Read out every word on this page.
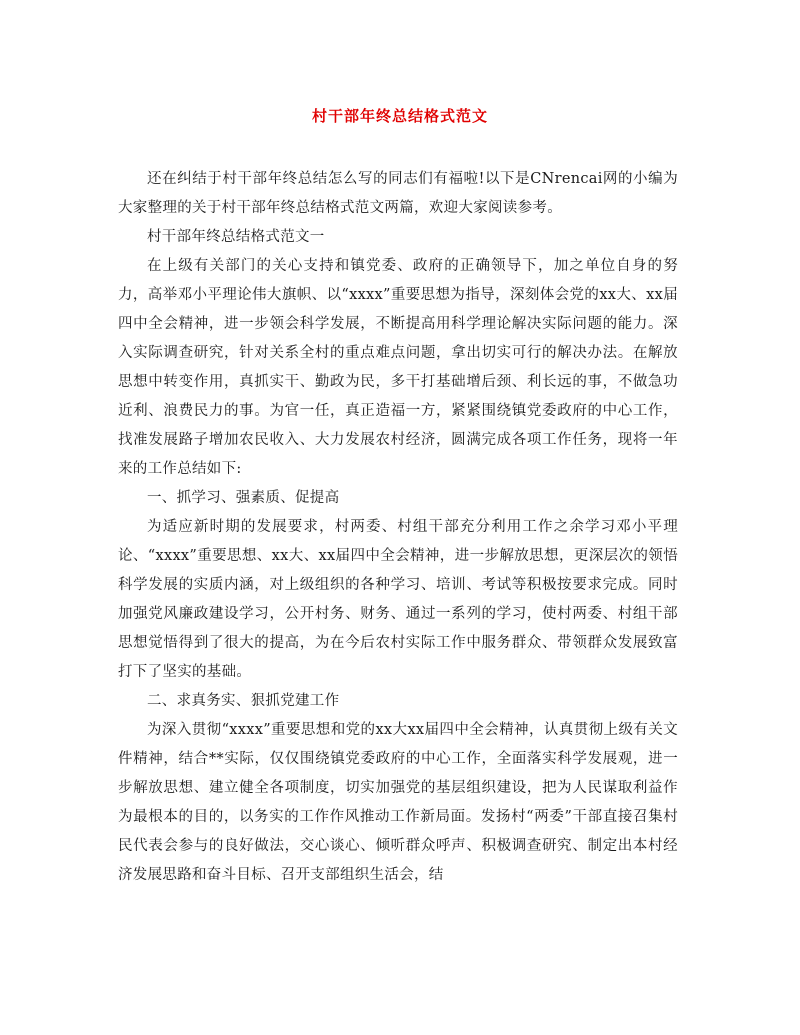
村干部年终总结格式范文

还在纠结于村干部年终总结怎么写的同志们有福啦!以下是CNrencai网的小编为大家整理的关于村干部年终总结格式范文两篇，欢迎大家阅读参考。

村干部年终总结格式范文一

在上级有关部门的关心支持和镇党委、政府的正确领导下，加之单位自身的努力，高举邓小平理论伟大旗帜、以“xxxx”重要思想为指导，深刻体会党的xx大、xx届四中全会精神，进一步领会科学发展，不断提高用科学理论解决实际问题的能力。深入实际调查研究，针对关系全村的重点难点问题，拿出切实可行的解决办法。在解放思想中转变作用，真抓实干、勤政为民，多干打基础增后颈、利长远的事，不做急功近利、浪费民力的事。为官一任，真正造福一方，紧紧围绕镇党委政府的中心工作，找准发展路子增加农民收入、大力发展农村经济，圆满完成各项工作任务，现将一年来的工作总结如下:

一、抓学习、强素质、促提高

为适应新时期的发展要求，村两委、村组干部充分利用工作之余学习邓小平理论、“xxxx”重要思想、xx大、xx届四中全会精神，进一步解放思想，更深层次的领悟科学发展的实质内涵，对上级组织的各种学习、培训、考试等积极按要求完成。同时加强党风廉政建设学习，公开村务、财务、通过一系列的学习，使村两委、村组干部思想觉悟得到了很大的提高，为在今后农村实际工作中服务群众、带领群众发展致富打下了坚实的基础。

二、求真务实、狠抓党建工作

为深入贯彻“xxxx”重要思想和党的xx大xx届四中全会精神，认真贯彻上级有关文件精神，结合**实际，仅仅围绕镇党委政府的中心工作，全面落实科学发展观，进一步解放思想、建立健全各项制度，切实加强党的基层组织建设，把为人民谋取利益作为最根本的目的，以务实的工作作风推动工作新局面。发扬村“两委”干部直接召集村民代表会参与的良好做法，交心谈心、倾听群众呼声、积极调查研究、制定出本村经济发展思路和奋斗目标、召开支部组织生活会，结
